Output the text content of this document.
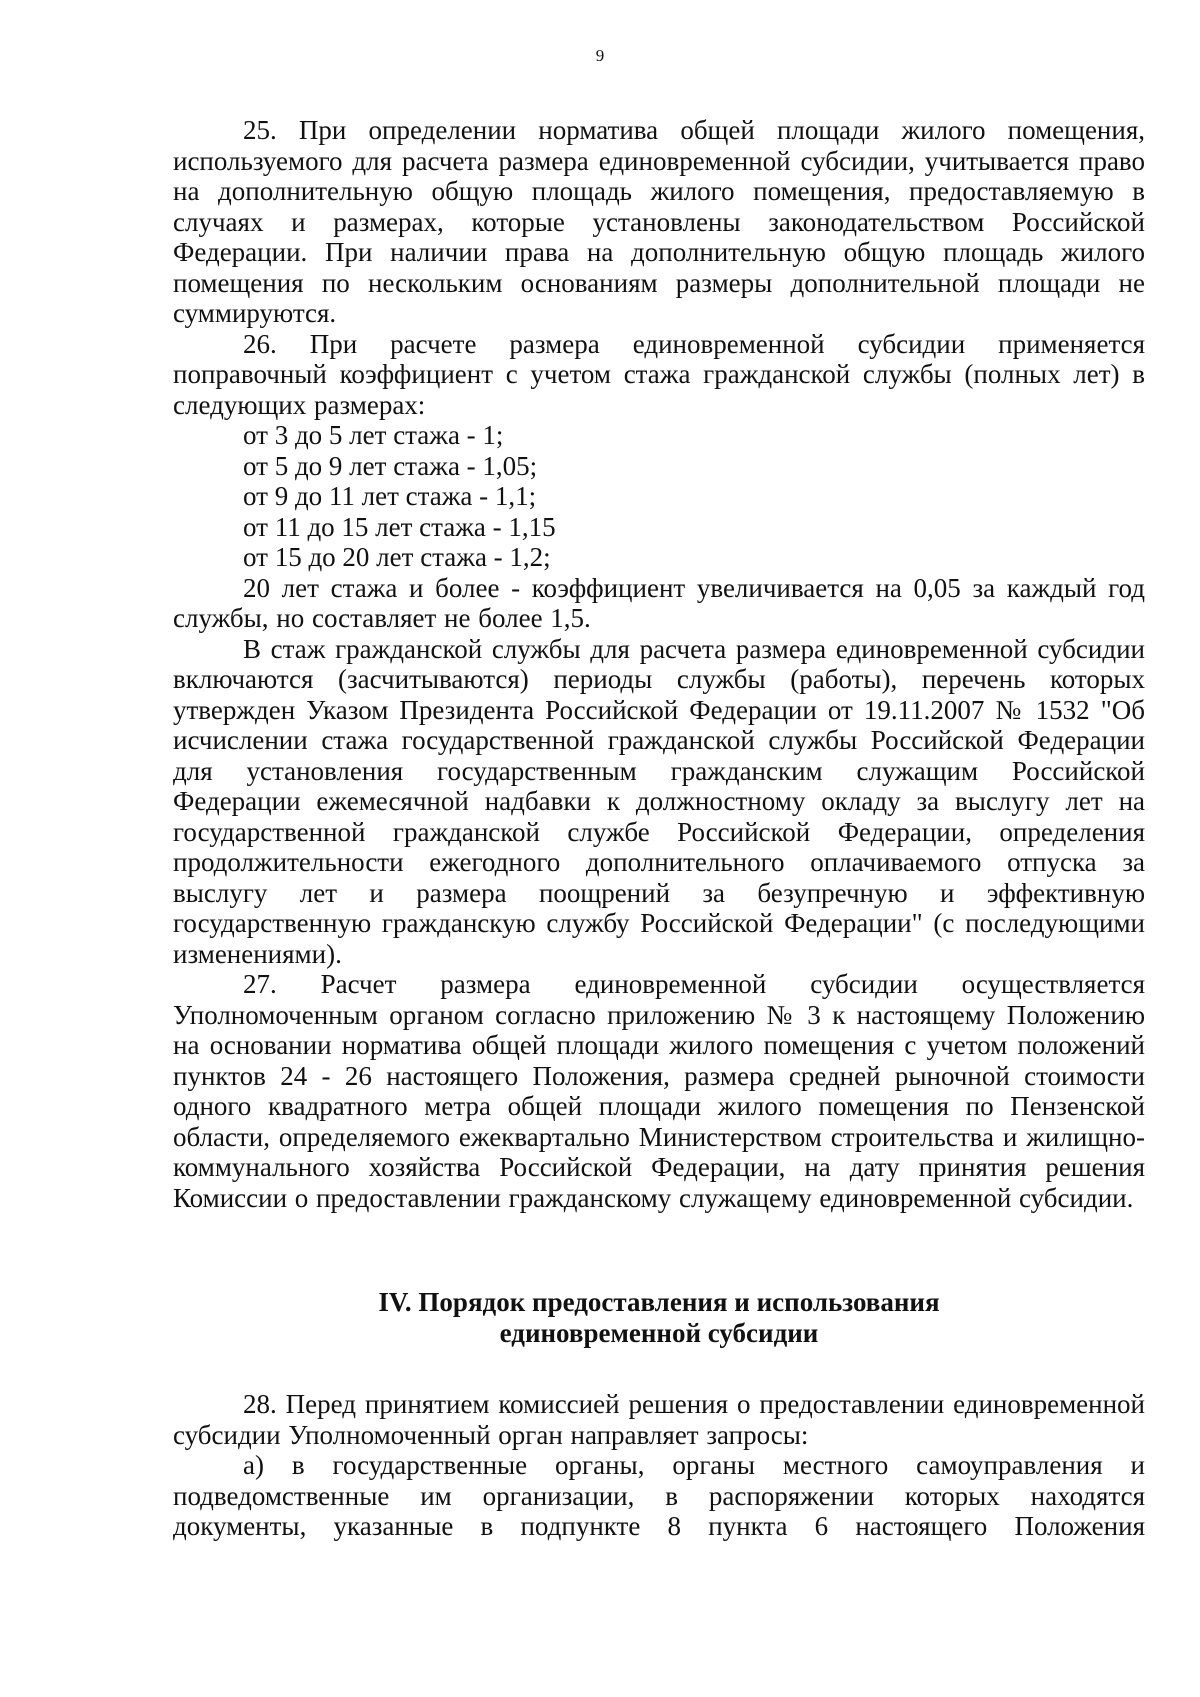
9

25. При определении норматива общей площади жилого помещения, используемого для расчета размера единовременной субсидии, учитывается право на дополнительную общую площадь жилого помещения, предоставляемую в случаях и размерах, которые установлены законодательством Российской Федерации. При наличии права на дополнительную общую площадь жилого помещения по нескольким основаниям размеры дополнительной площади не суммируются.

26. При расчете размера единовременной субсидии применяется поправочный коэффициент с учетом стажа гражданской службы (полных лет) в следующих размерах:

от 3 до 5 лет стажа - 1;

от 5 до 9 лет стажа - 1,05;

от 9 до 11 лет стажа - 1,1;

от 11 до 15 лет стажа - 1,15

от 15 до 20 лет стажа - 1,2;

20 лет стажа и более - коэффициент увеличивается на 0,05 за каждый год службы, но составляет не более 1,5.

В стаж гражданской службы для расчета размера единовременной субсидии включаются (засчитываются) периоды службы (работы), перечень которых утвержден Указом Президента Российской Федерации от 19.11.2007 № 1532 "Об исчислении стажа государственной гражданской службы Российской Федерации для установления государственным гражданским служащим Российской Федерации ежемесячной надбавки к должностному окладу за выслугу лет на государственной гражданской службе Российской Федерации, определения продолжительности ежегодного дополнительного оплачиваемого отпуска за выслугу лет и размера поощрений за безупречную и эффективную государственную гражданскую службу Российской Федерации" (с последующими изменениями).

27. Расчет размера единовременной субсидии осуществляется Уполномоченным органом согласно приложению № 3 к настоящему Положению на основании норматива общей площади жилого помещения с учетом положений пунктов 24 - 26 настоящего Положения, размера средней рыночной стоимости одного квадратного метра общей площади жилого помещения по Пензенской области, определяемого ежеквартально Министерством строительства и жилищно-коммунального хозяйства Российской Федерации, на дату принятия решения Комиссии о предоставлении гражданскому служащему единовременной субсидии.

IV. Порядок предоставления и использования
единовременной субсидии

28. Перед принятием комиссией решения о предоставлении единовременной субсидии Уполномоченный орган направляет запросы:

а) в государственные органы, органы местного самоуправления и подведомственные им организации, в распоряжении которых находятся документы, указанные в подпункте 8 пункта 6 настоящего Положения
